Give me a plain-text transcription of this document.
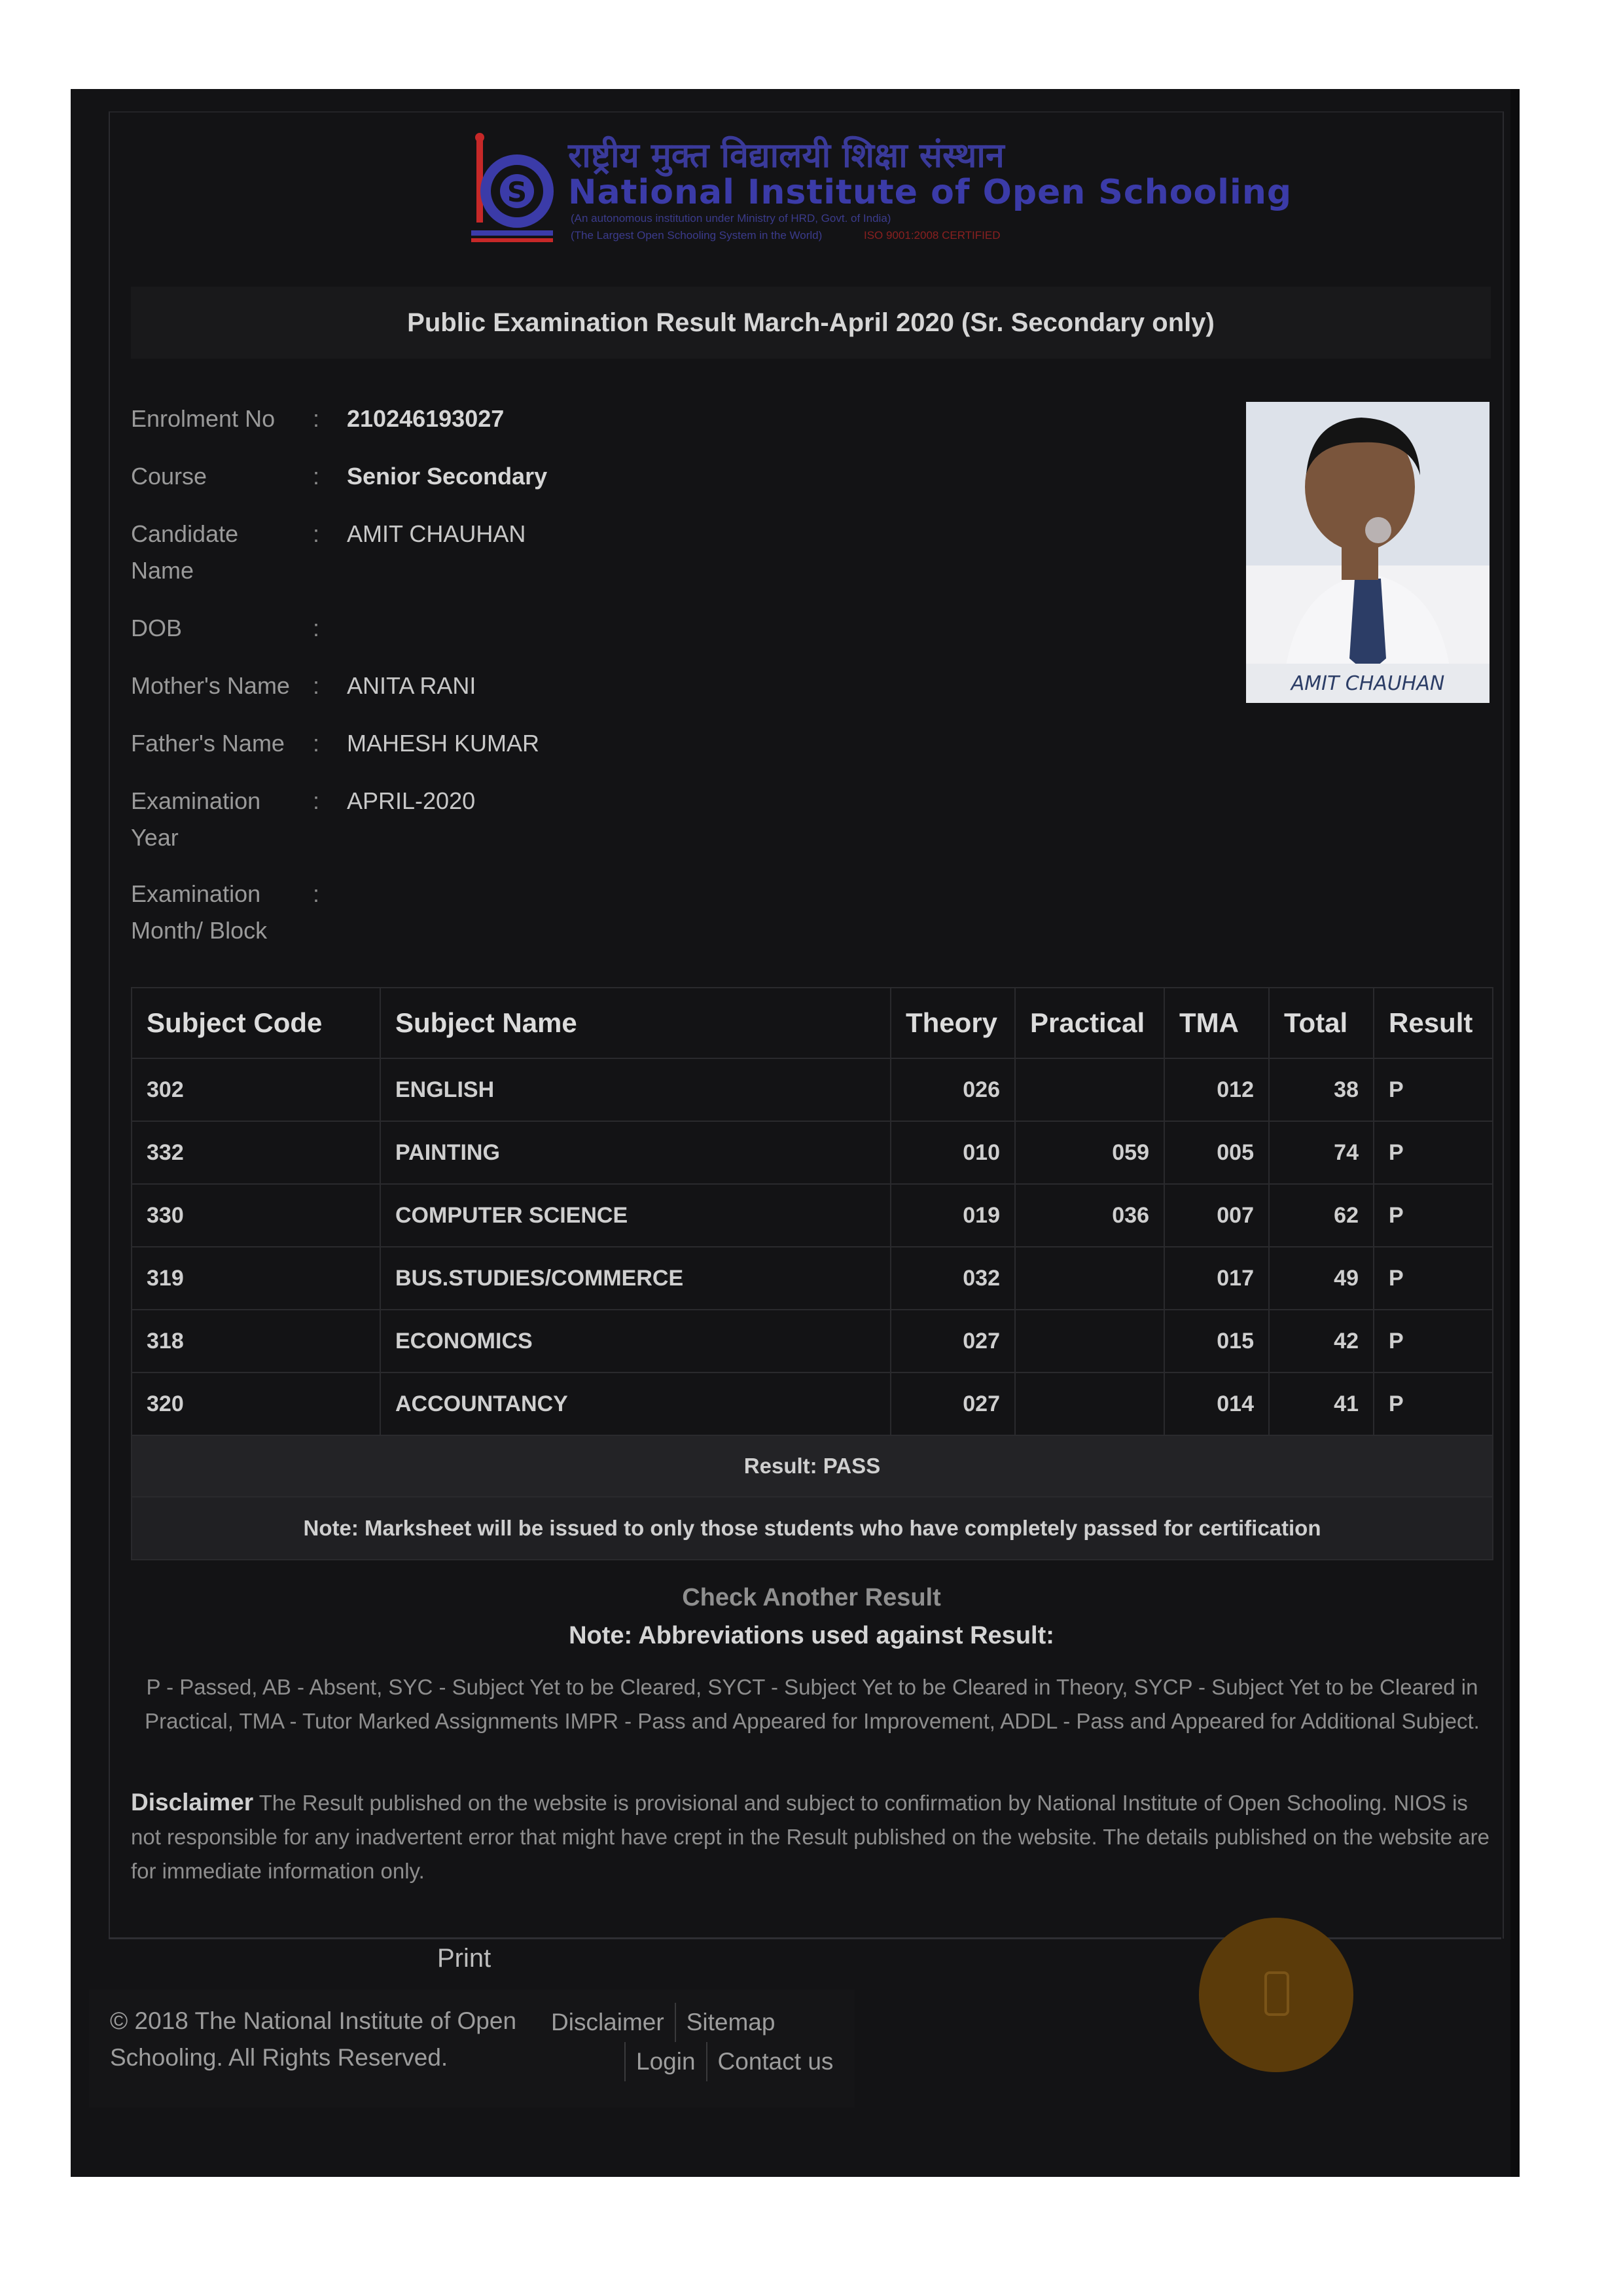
S
राष्ट्रीय मुक्त विद्यालयी शिक्षा संस्थान
National Institute of Open Schooling
(An autonomous institution under Ministry of HRD, Govt. of India)
(The Largest Open Schooling System in the World)	ISO 9001:2008 CERTIFIED
Public Examination Result March-April 2020 (Sr. Secondary only)
Enrolment No	: 210246193027
Course	: Senior Secondary
Candidate Name
: AMIT CHAUHAN
DOB	:
Mother's Name : ANITA RANI
Father's Name	: MAHESH KUMAR
Examination Year
: APRIL-2020
Examination Month/ Block
:
AMIT CHAUHAN
Subject Code	Subject Name	Theory	Practical	TMA	Total	Result
302	ENGLISH	026		012	38	P
332	PAINTING	010	059	005	74	P
330	COMPUTER SCIENCE	019	036	007	62	P
319	BUS.STUDIES/COMMERCE	032		017	49	P
318	ECONOMICS	027		015	42	P
320	ACCOUNTANCY	027		014	41	P
Result: PASS						
Note: Marksheet will be issued to only those students who have completely passed for certification						
Check Another Result
Note: Abbreviations used against Result:
P - Passed, AB - Absent, SYC - Subject Yet to be Cleared, SYCT - Subject Yet to be Cleared in Theory, SYCP - Subject Yet to be Cleared in Practical, TMA - Tutor Marked Assignments IMPR - Pass and Appeared for Improvement, ADDL - Pass and Appeared for Additional Subject.
Disclaimer The Result published on the website is provisional and subject to confirmation by National Institute of Open Schooling. NIOS is not responsible for any inadvertent error that might have crept in the Result published on the website. The details published on the website are for immediate information only.
Print
© 2018 The National Institute of Open Schooling. All Rights Reserved.
Disclaimer Sitemap
Login Contact us
